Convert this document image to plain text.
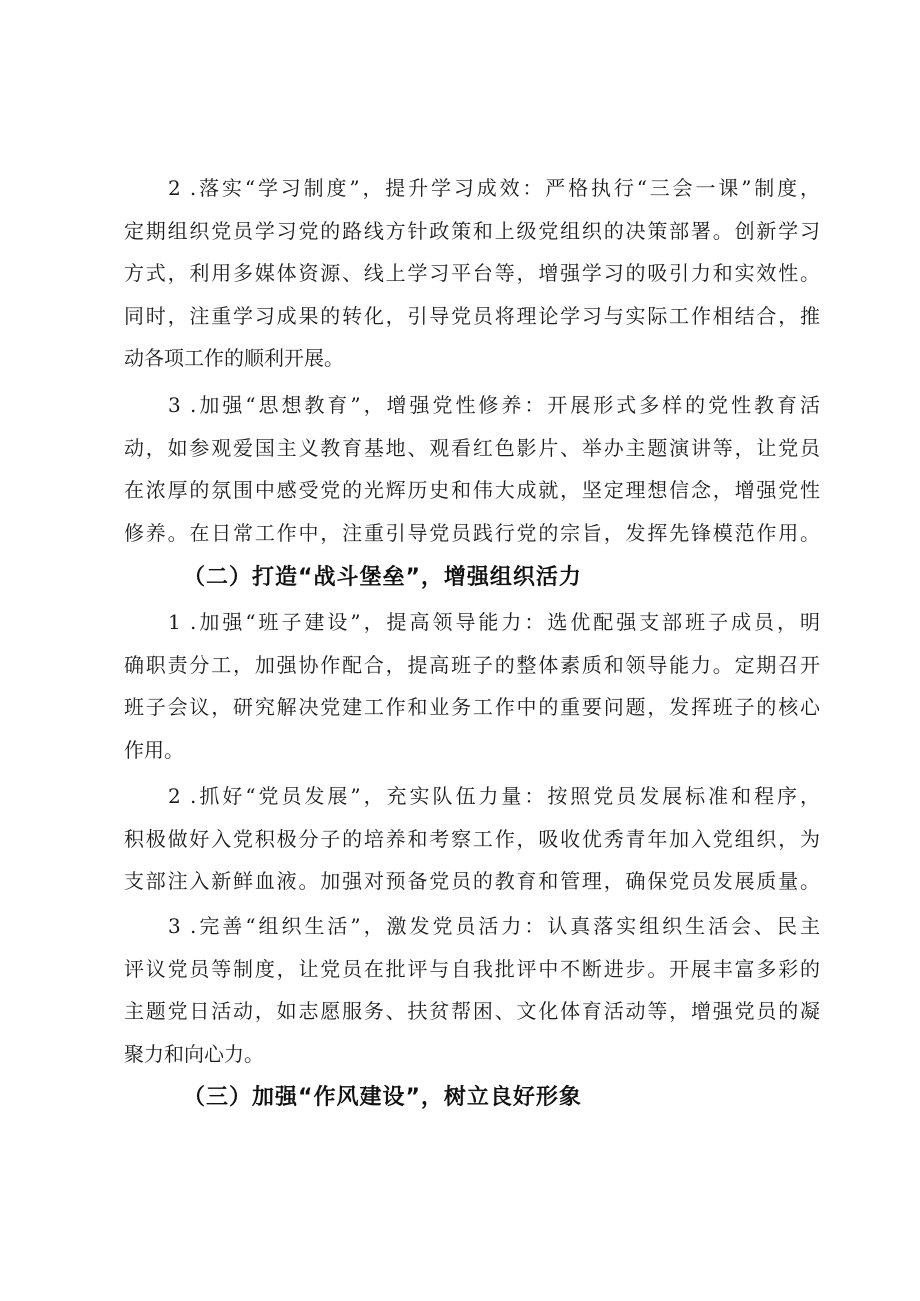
2 .落实“学习制度”，提升学习成效：严格执行“三会一课”制度，
定期组织党员学习党的路线方针政策和上级党组织的决策部署。创新学习
方式，利用多媒体资源、线上学习平台等，增强学习的吸引力和实效性。
同时，注重学习成果的转化，引导党员将理论学习与实际工作相结合，推
动各项工作的顺利开展。
3 .加强“思想教育”，增强党性修养：开展形式多样的党性教育活
动，如参观爱国主义教育基地、观看红色影片、举办主题演讲等，让党员
在浓厚的氛围中感受党的光辉历史和伟大成就，坚定理想信念，增强党性
修养。在日常工作中，注重引导党员践行党的宗旨，发挥先锋模范作用。
（二）打造“战斗堡垒”，增强组织活力
1 .加强“班子建设”，提高领导能力：选优配强支部班子成员，明
确职责分工，加强协作配合，提高班子的整体素质和领导能力。定期召开
班子会议，研究解决党建工作和业务工作中的重要问题，发挥班子的核心
作用。
2 .抓好“党员发展”，充实队伍力量：按照党员发展标准和程序，
积极做好入党积极分子的培养和考察工作，吸收优秀青年加入党组织，为
支部注入新鲜血液。加强对预备党员的教育和管理，确保党员发展质量。
3 .完善“组织生活”，激发党员活力：认真落实组织生活会、民主
评议党员等制度，让党员在批评与自我批评中不断进步。开展丰富多彩的
主题党日活动，如志愿服务、扶贫帮困、文化体育活动等，增强党员的凝
聚力和向心力。
（三）加强“作风建设”，树立良好形象
